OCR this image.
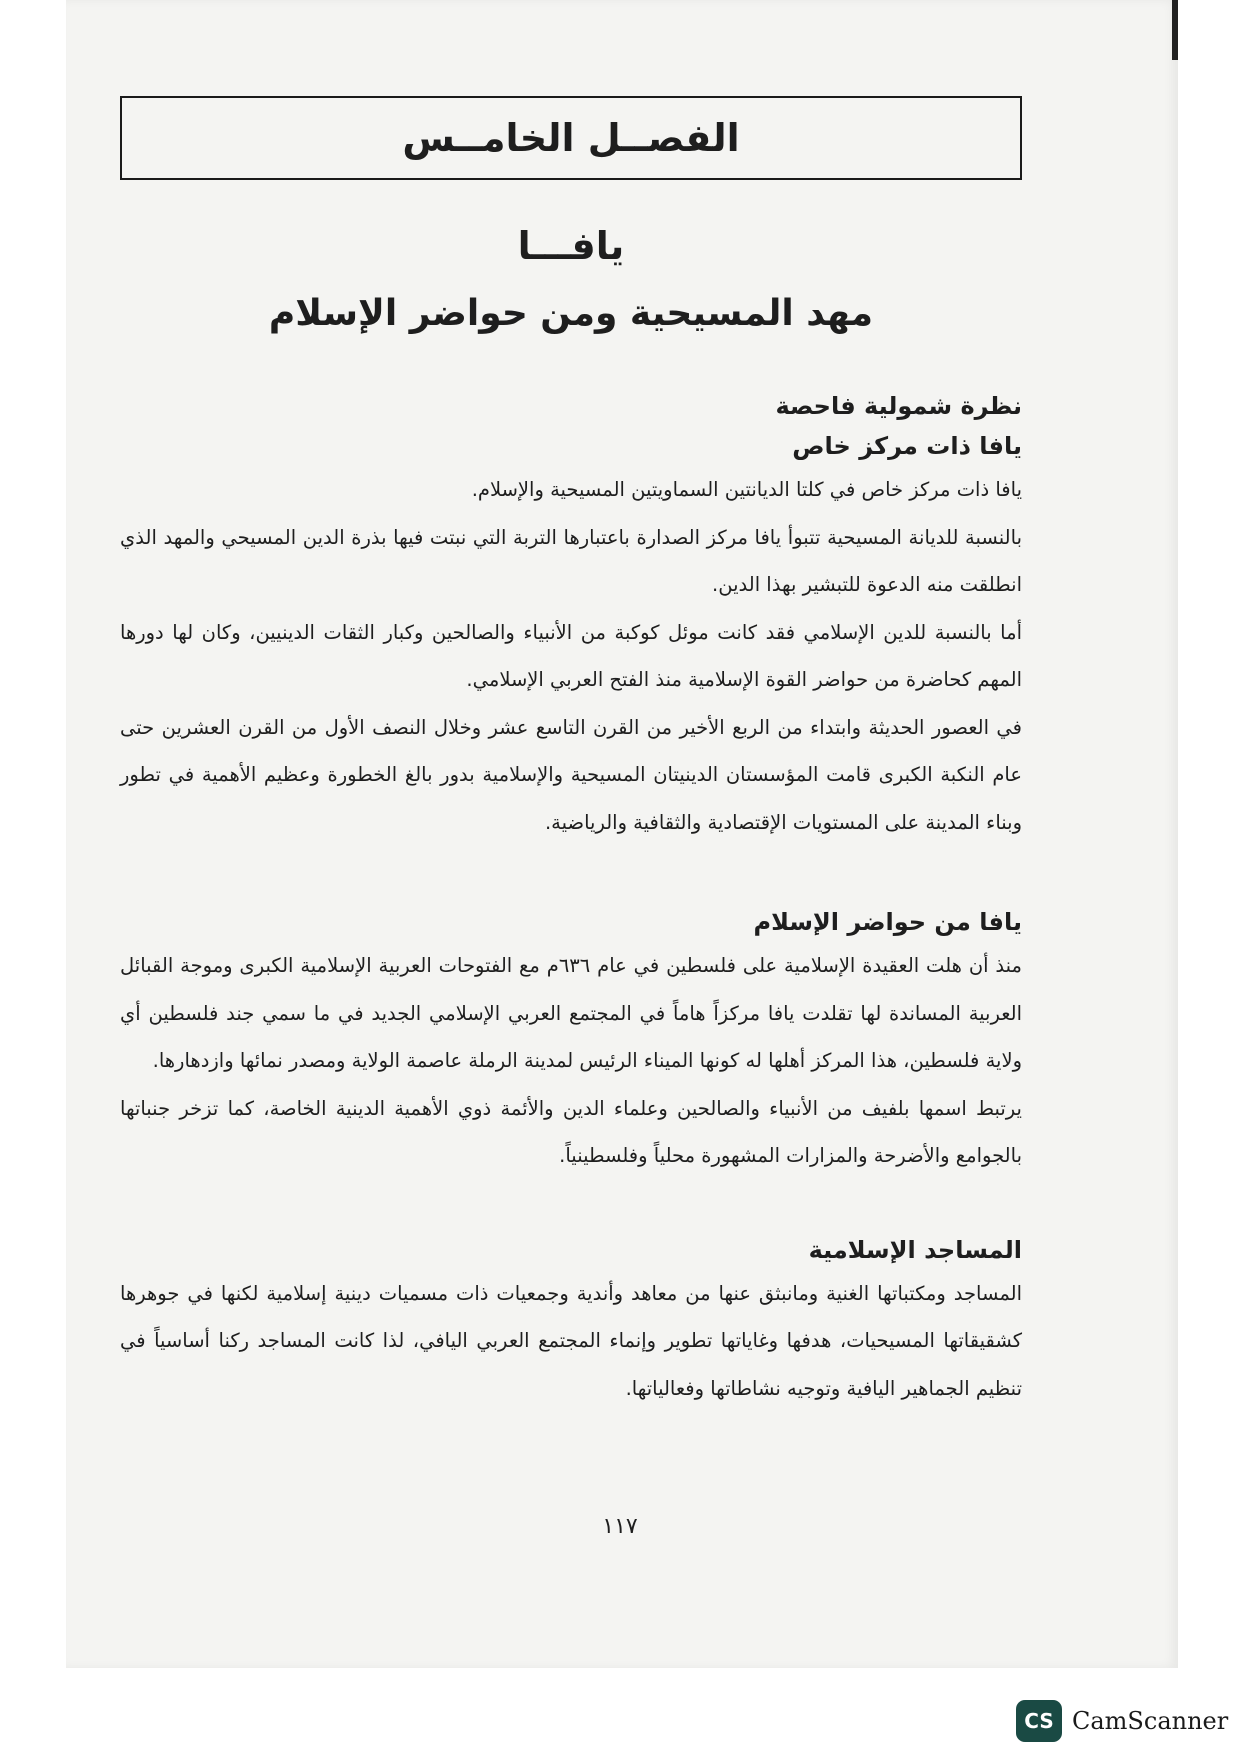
الفصــل الخامــس
يافـــا
مهد المسيحية ومن حواضر الإسلام
نظرة شمولية فاحصة
يافا ذات مركز خاص

يافا ذات مركز خاص في كلتا الديانتين السماويتين المسيحية والإسلام.

بالنسبة للديانة المسيحية تتبوأ يافا مركز الصدارة باعتبارها التربة التي نبتت فيها بذرة الدين المسيحي والمهد الذي انطلقت منه الدعوة للتبشير بهذا الدين.

أما بالنسبة للدين الإسلامي فقد كانت موئل كوكبة من الأنبياء والصالحين وكبار الثقات الدينيين، وكان لها دورها المهم كحاضرة من حواضر القوة الإسلامية منذ الفتح العربي الإسلامي.

في العصور الحديثة وابتداء من الربع الأخير من القرن التاسع عشر وخلال النصف الأول من القرن العشرين حتى عام النكبة الكبرى قامت المؤسستان الدينيتان المسيحية والإسلامية بدور بالغ الخطورة وعظيم الأهمية في تطور وبناء المدينة على المستويات الإقتصادية والثقافية والرياضية.

يافا من حواضر الإسلام

منذ أن هلت العقيدة الإسلامية على فلسطين في عام ٦٣٦م مع الفتوحات العربية الإسلامية الكبرى وموجة القبائل العربية المساندة لها تقلدت يافا مركزاً هاماً في المجتمع العربي الإسلامي الجديد في ما سمي جند فلسطين أي ولاية فلسطين، هذا المركز أهلها له كونها الميناء الرئيس لمدينة الرملة عاصمة الولاية ومصدر نمائها وازدهارها.

يرتبط اسمها بلفيف من الأنبياء والصالحين وعلماء الدين والأئمة ذوي الأهمية الدينية الخاصة، كما تزخر جنباتها بالجوامع والأضرحة والمزارات المشهورة محلياً وفلسطينياً.

المساجد الإسلامية

المساجد ومكتباتها الغنية ومانبثق عنها من معاهد وأندية وجمعيات ذات مسميات دينية إسلامية لكنها في جوهرها كشقيقاتها المسيحيات، هدفها وغاياتها تطوير وإنماء المجتمع العربي اليافي، لذا كانت المساجد ركنا أساسياً في تنظيم الجماهير اليافية وتوجيه نشاطاتها وفعالياتها.

١١٧
CS CamScanner
